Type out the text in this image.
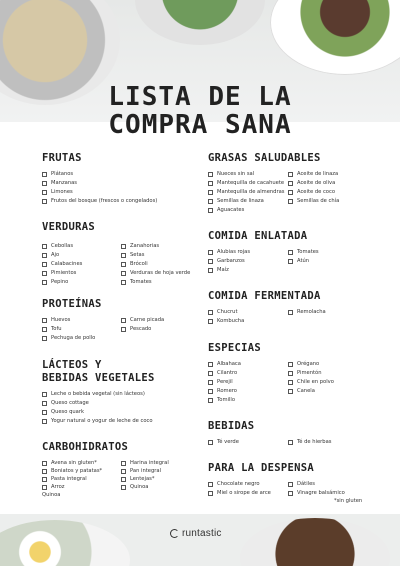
LISTA DE LA
COMPRA SANA
FRUTAS
Plátanos
Manzanas
Limones
Frutos del bosque (frescos o congelados)
VERDURAS
Cebollas
Ajo
Calabacines
Pimientos
Pepino
Zanahorias
Setas
Brócoli
Verduras de hoja verde
Tomates
PROTEÍNAS
Huevos
Tofu
Pechuga de pollo
Carne picada
Pescado
LÁCTEOS Y
BEBIDAS VEGETALES
Leche o bebida vegetal (sin lácteos)
Queso cottage
Queso quark
Yogur natural o yogur de leche de coco
CARBOHIDRATOS
Avena sin gluten*
Boniatos y patatas*
Pasta integral
Arroz
Quinoa
Harina integral
Pan integral
Lentejas*
Quinoa
GRASAS SALUDABLES
Nueces sin sal
Mantequilla de cacahuete
Mantequilla de almendras
Semillas de linaza
Aguacates
Aceite de linaza
Aceite de oliva
Aceite de coco
Semillas de chía
COMIDA ENLATADA
Alubias rojas
Garbanzos
Maíz
Tomates
Atún
COMIDA FERMENTADA
Chucrut
Kombucha
Remolacha
ESPECIAS
Albahaca
Cilantro
Perejil
Romero
Tomillo
Orégano
Pimentón
Chile en polvo
Canela
BEBIDAS
Té verde	Té de hierbas
PARA LA DESPENSA
Chocolate negro
Miel o sirope de arce
Dátiles
Vinagre balsámico
*sin gluten
runtastic
